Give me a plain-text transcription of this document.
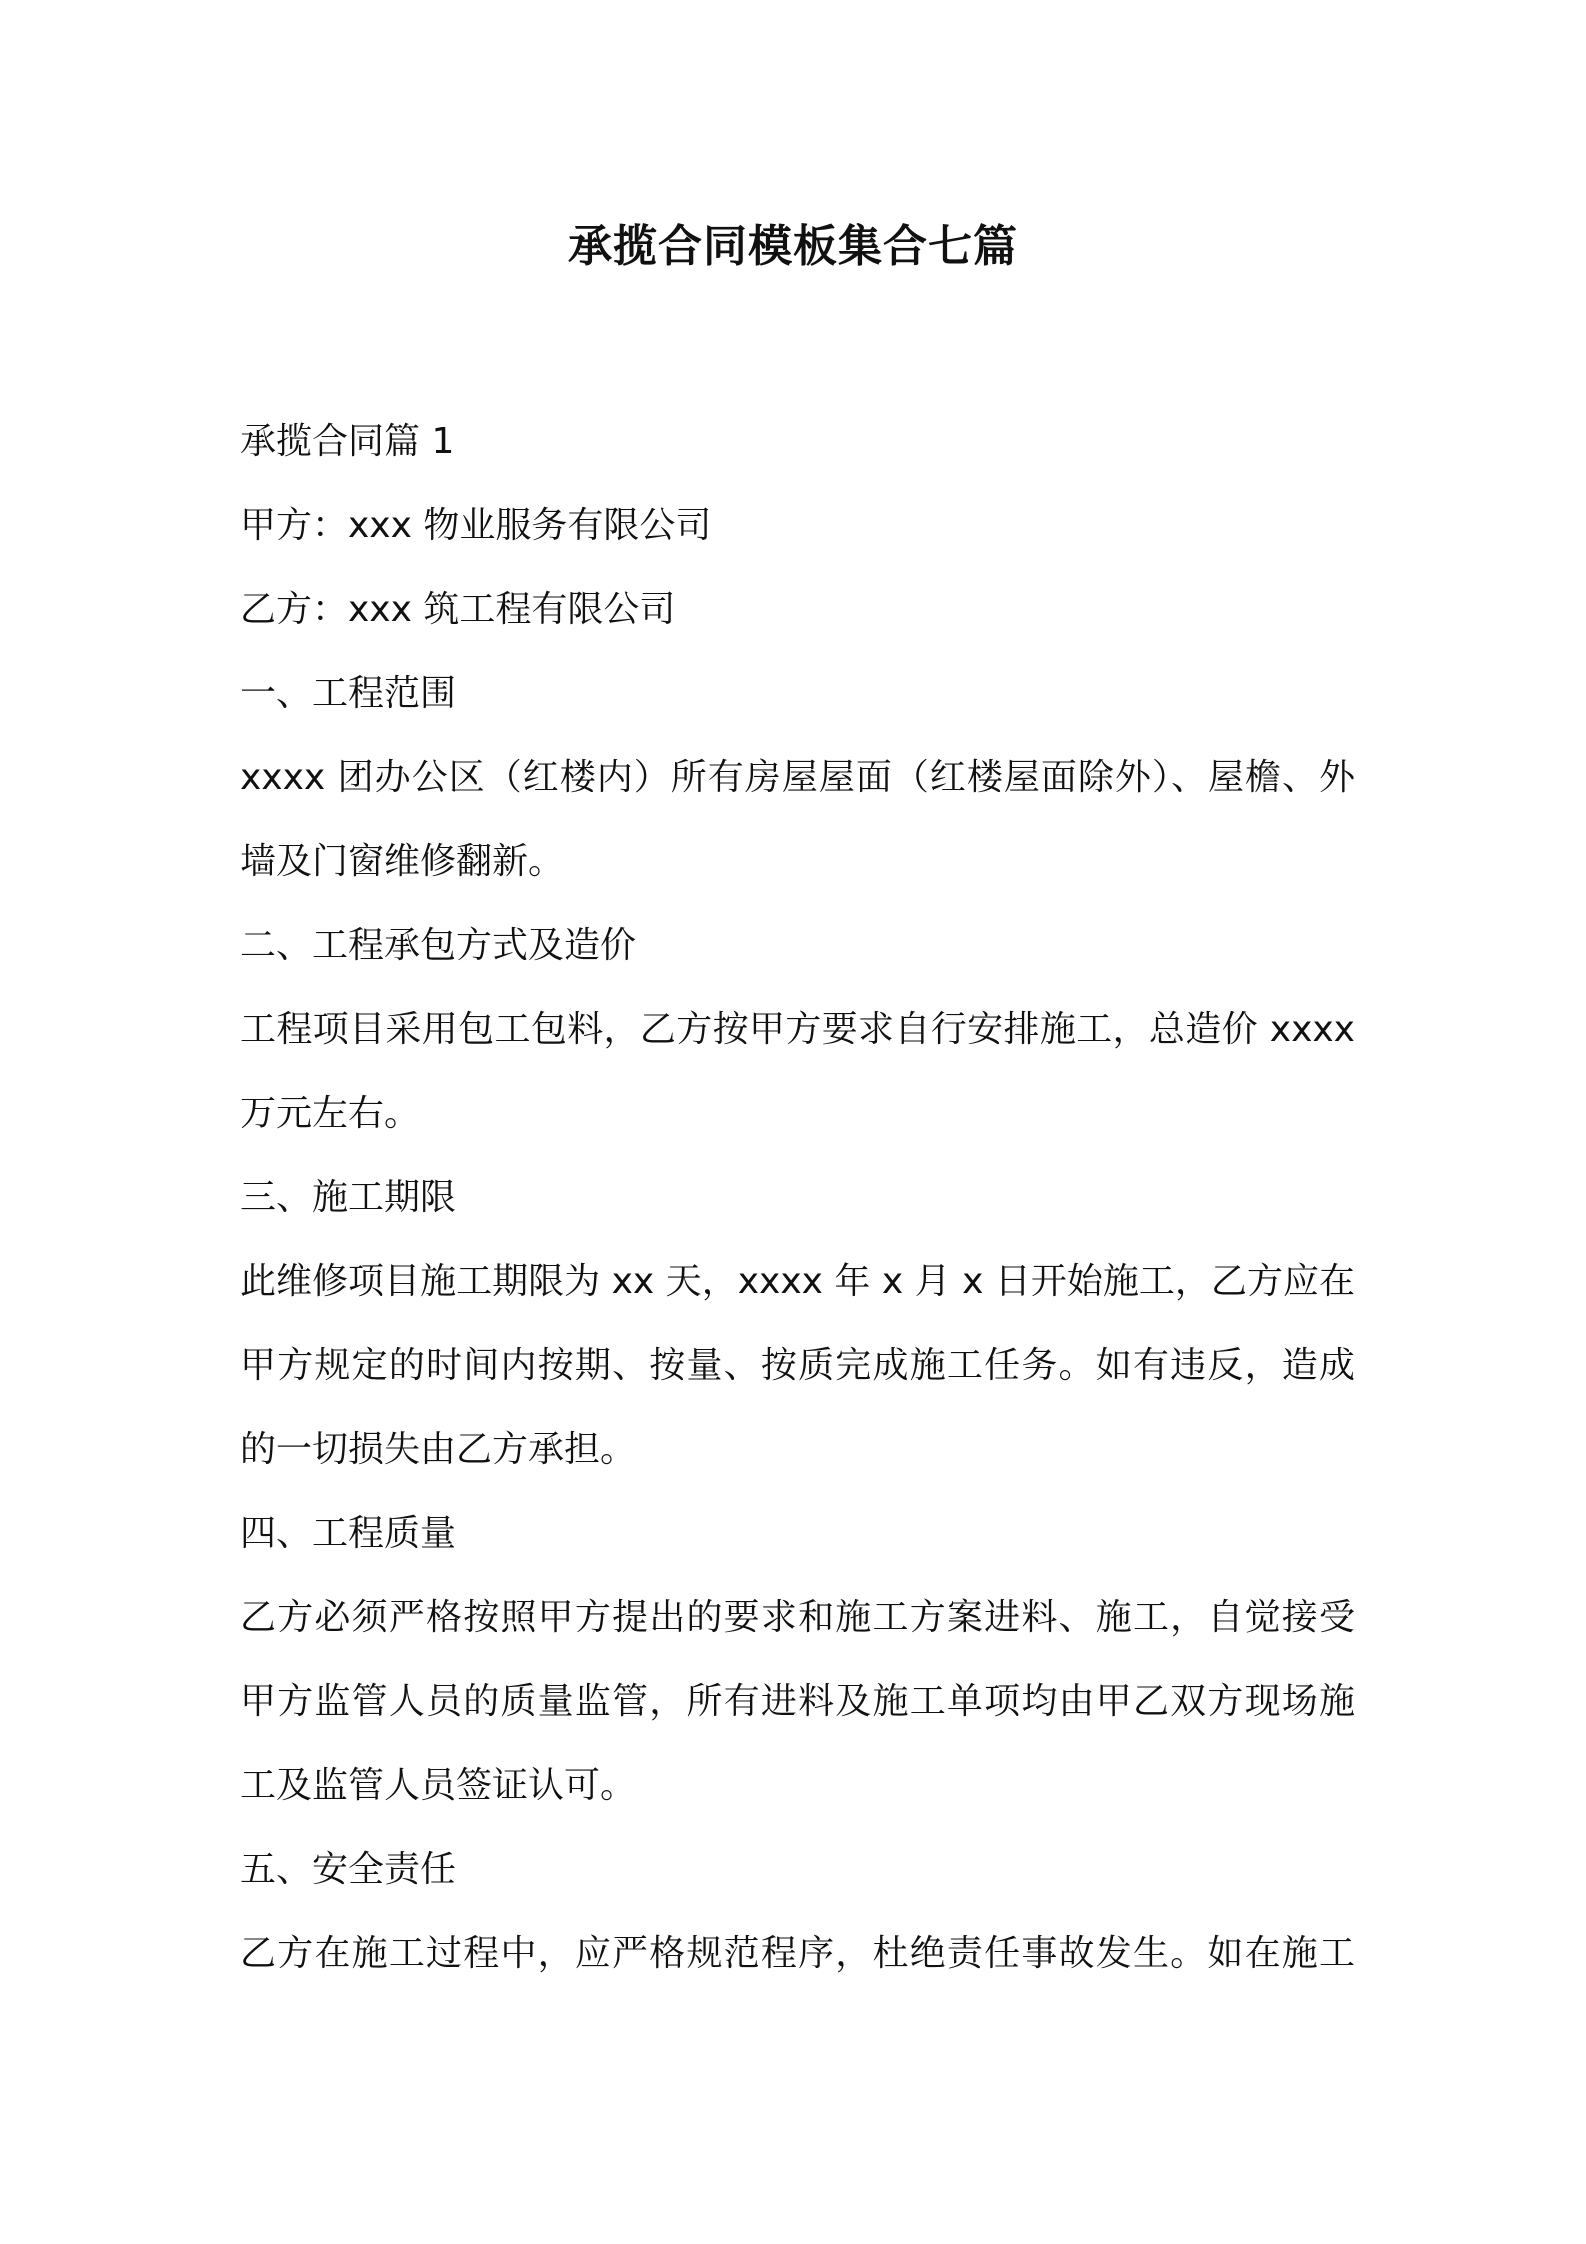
承揽合同模板集合七篇

承揽合同篇 1

甲方：xxx 物业服务有限公司

乙方：xxx 筑工程有限公司

一、工程范围

xxxx 团办公区（红楼内）所有房屋屋面（红楼屋面除外）、屋檐、外

墙及门窗维修翻新。

二、工程承包方式及造价

工程项目采用包工包料，乙方按甲方要求自行安排施工，总造价 xxxx

万元左右。

三、施工期限

此维修项目施工期限为 xx 天，xxxx 年 x 月 x 日开始施工，乙方应在

甲方规定的时间内按期、按量、按质完成施工任务。如有违反，造成

的一切损失由乙方承担。

四、工程质量

乙方必须严格按照甲方提出的要求和施工方案进料、施工，自觉接受

甲方监管人员的质量监管，所有进料及施工单项均由甲乙双方现场施

工及监管人员签证认可。

五、安全责任

乙方在施工过程中，应严格规范程序，杜绝责任事故发生。如在施工
